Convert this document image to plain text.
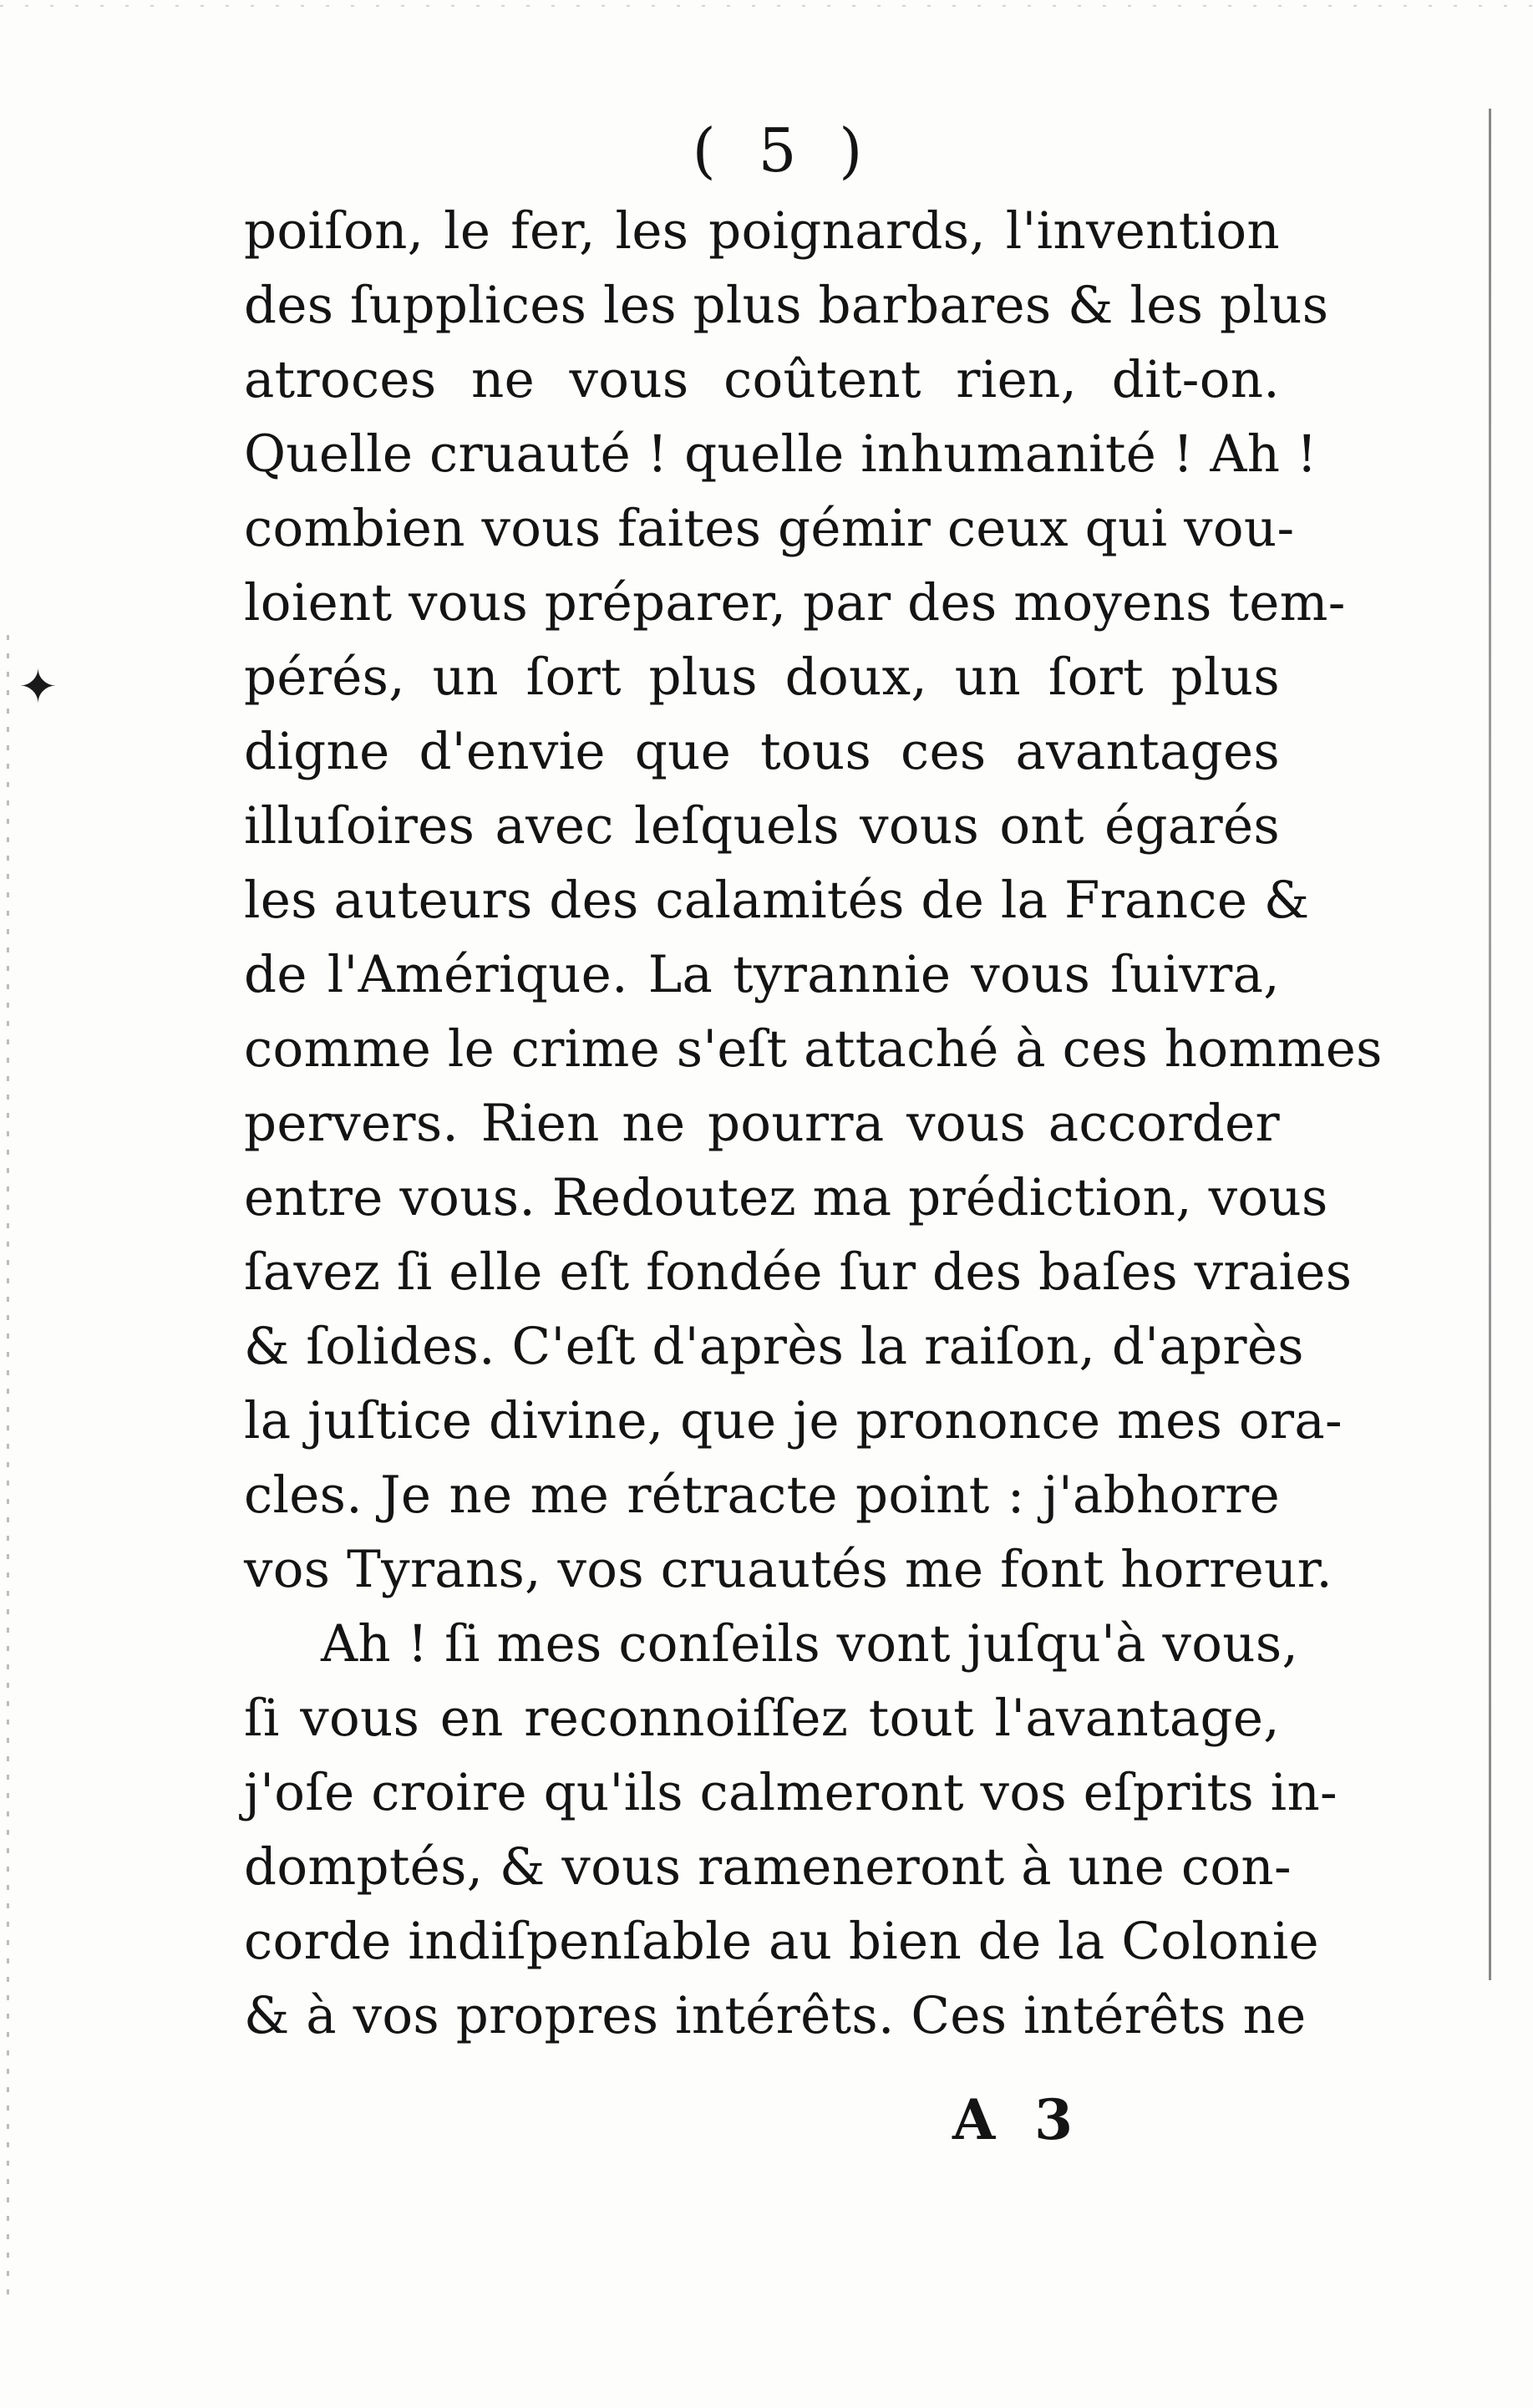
✦
( 5 )
poiſon, le fer, les poignards, l'invention
des ſupplices les plus barbares & les plus
atroces ne vous coûtent rien, dit-on.
Quelle cruauté ! quelle inhumanité ! Ah !
combien vous faites gémir ceux qui vou-
loient vous préparer, par des moyens tem-
pérés, un ſort plus doux, un ſort plus
digne d'envie que tous ces avantages
illuſoires avec leſquels vous ont égarés
les auteurs des calamités de la France &
de l'Amérique. La tyrannie vous ſuivra,
comme le crime s'eſt attaché à ces hommes
pervers. Rien ne pourra vous accorder
entre vous. Redoutez ma prédiction, vous
ſavez ſi elle eſt fondée ſur des baſes vraies
& ſolides. C'eſt d'après la raiſon, d'après
la juſtice divine, que je prononce mes ora-
cles. Je ne me rétracte point : j'abhorre
vos Tyrans, vos cruautés me font horreur.
Ah ! ſi mes conſeils vont juſqu'à vous,
ſi vous en reconnoiſſez tout l'avantage,
j'oſe croire qu'ils calmeront vos eſprits in-
domptés, & vous rameneront à une con-
corde indiſpenſable au bien de la Colonie
& à vos propres intérêts. Ces intérêts ne
A 3
